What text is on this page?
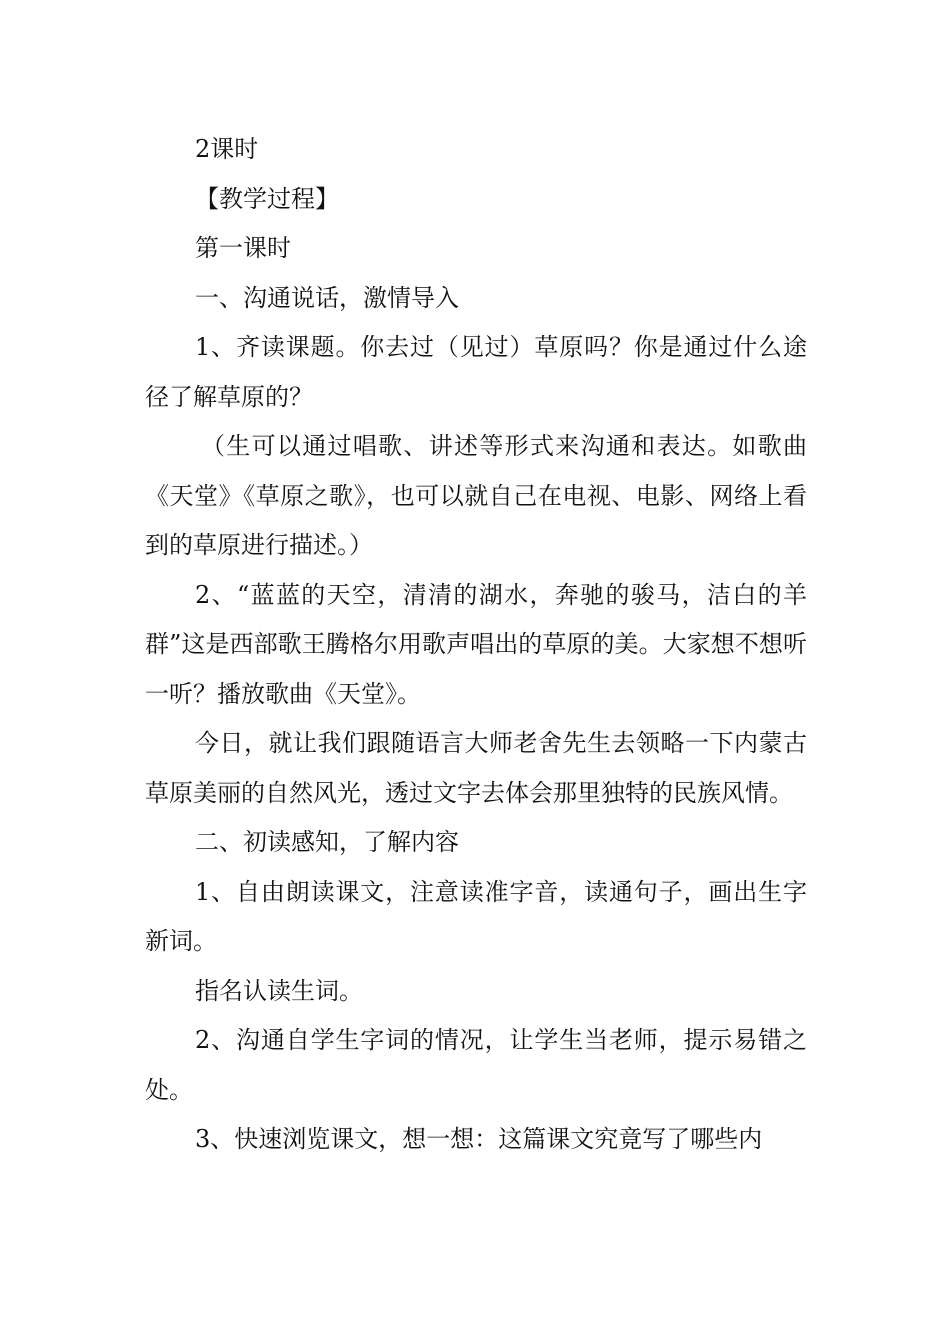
2课时

【教学过程】

第一课时

一、沟通说话，激情导入

1、齐读课题。你去过（见过）草原吗？你是通过什么途径了解草原的？

（生可以通过唱歌、讲述等形式来沟通和表达。如歌曲《天堂》《草原之歌》，也可以就自己在电视、电影、网络上看到的草原进行描述。）

2、“蓝蓝的天空，清清的湖水，奔驰的骏马，洁白的羊群”这是西部歌王腾格尔用歌声唱出的草原的美。大家想不想听一听？播放歌曲《天堂》。

今日，就让我们跟随语言大师老舍先生去领略一下内蒙古草原美丽的自然风光，透过文字去体会那里独特的民族风情。

二、初读感知，了解内容

1、自由朗读课文，注意读准字音，读通句子，画出生字新词。

指名认读生词。

2、沟通自学生字词的情况，让学生当老师，提示易错之处。

3、快速浏览课文，想一想：这篇课文究竟写了哪些内
